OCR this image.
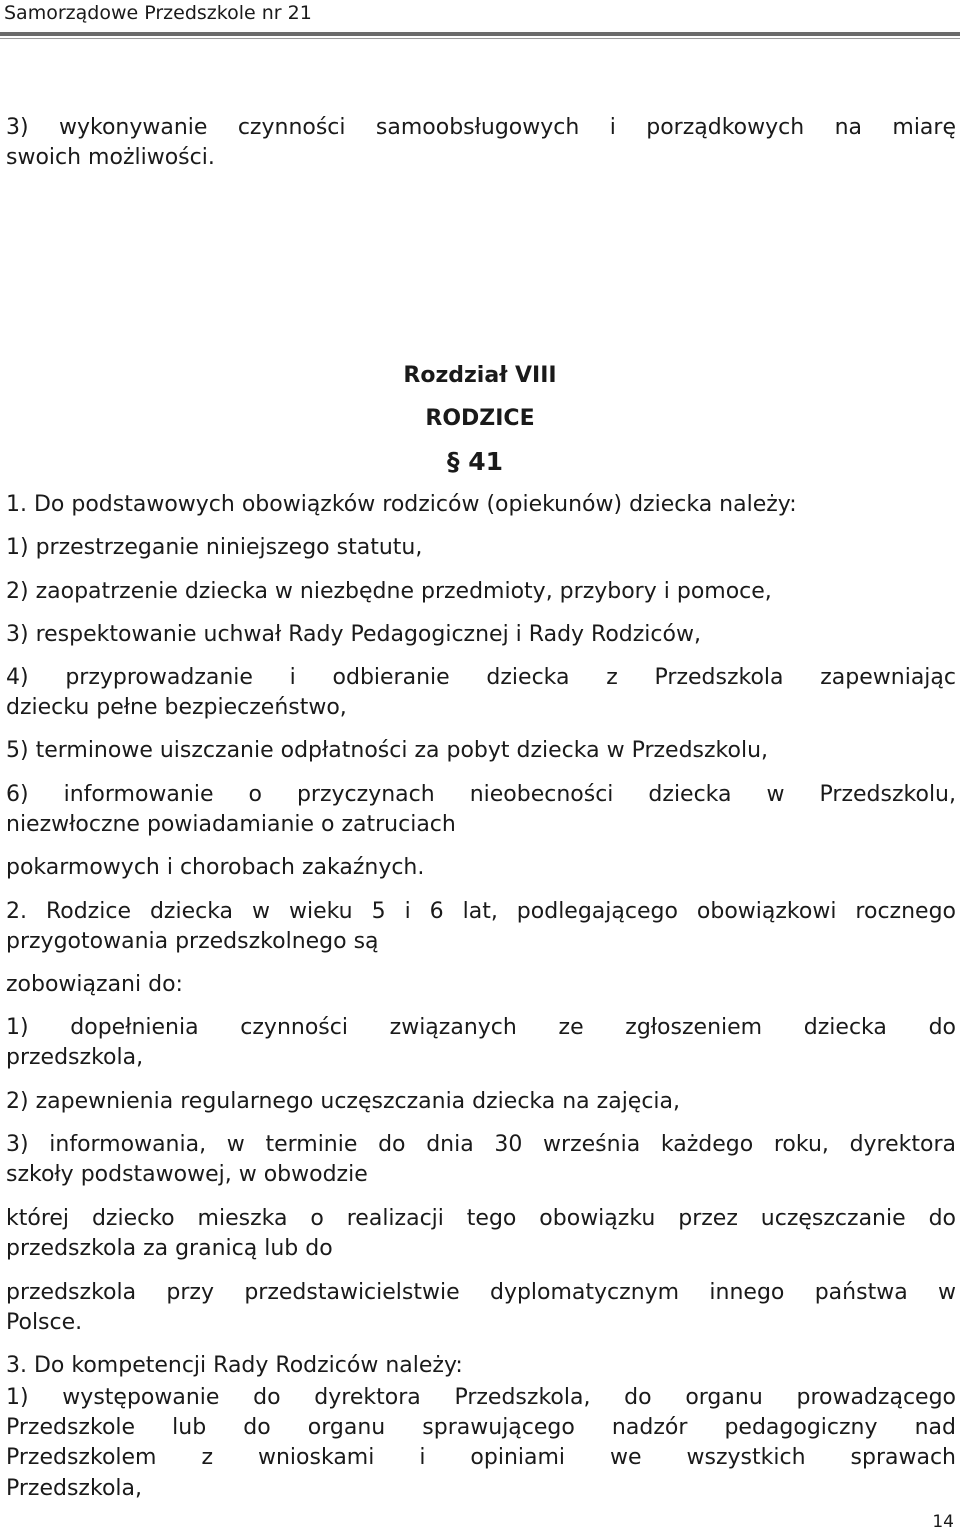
Samorządowe Przedszkole nr 21
3) wykonywanie czynności samoobsługowych i porządkowych na miarę
swoich możliwości.
Rozdział VIII
RODZICE
§ 41
1. Do podstawowych obowiązków rodziców (opiekunów) dziecka należy:
1) przestrzeganie niniejszego statutu,
2) zaopatrzenie dziecka w niezbędne przedmioty, przybory i pomoce,
3) respektowanie uchwał Rady Pedagogicznej i Rady Rodziców,
4) przyprowadzanie i odbieranie dziecka z Przedszkola zapewniając
dziecku pełne bezpieczeństwo,
5) terminowe uiszczanie odpłatności za pobyt dziecka w Przedszkolu,
6) informowanie o przyczynach nieobecności dziecka w Przedszkolu,
niezwłoczne powiadamianie o zatruciach
pokarmowych i chorobach zakaźnych.
2. Rodzice dziecka w wieku 5 i 6 lat, podlegającego obowiązkowi rocznego
przygotowania przedszkolnego są
zobowiązani do:
1) dopełnienia czynności związanych ze zgłoszeniem dziecka do
przedszkola,
2) zapewnienia regularnego uczęszczania dziecka na zajęcia,
3) informowania, w terminie do dnia 30 września każdego roku, dyrektora
szkoły podstawowej, w obwodzie
której dziecko mieszka o realizacji tego obowiązku przez uczęszczanie do
przedszkola za granicą lub do
przedszkola przy przedstawicielstwie dyplomatycznym innego państwa w
Polsce.
3. Do kompetencji Rady Rodziców należy:
1) występowanie do dyrektora Przedszkola, do organu prowadzącego
Przedszkole lub do organu sprawującego nadzór pedagogiczny nad
Przedszkolem z wnioskami i opiniami we wszystkich sprawach
Przedszkola,
14
